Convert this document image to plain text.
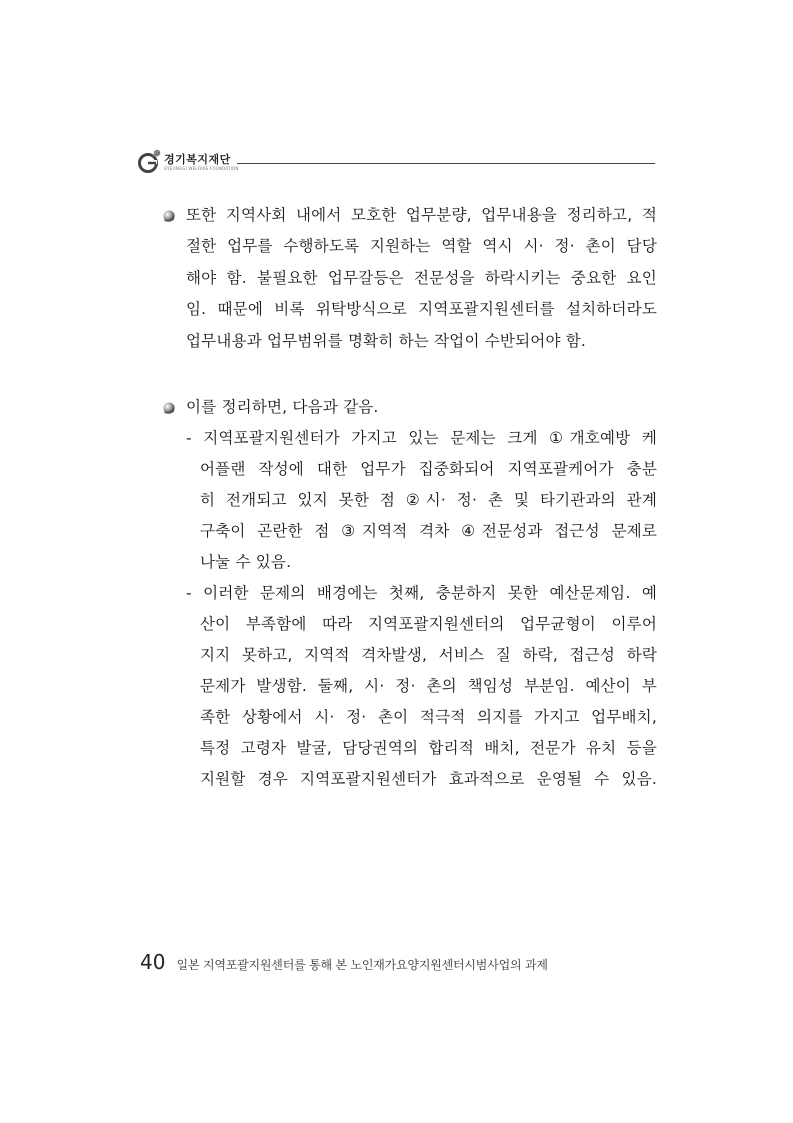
경기복지재단
GYEONGGI WELFARE FOUNDATION
또한 지역사회 내에서 모호한 업무분량, 업무내용을 정리하고, 적
절한 업무를 수행하도록 지원하는 역할 역시 시· 정· 촌이 담당
해야 함. 불필요한 업무갈등은 전문성을 하락시키는 중요한 요인
임. 때문에 비록 위탁방식으로 지역포괄지원센터를 설치하더라도
업무내용과 업무범위를 명확히 하는 작업이 수반되어야 함.
이를 정리하면, 다음과 같음.
- 지역포괄지원센터가 가지고 있는 문제는 크게 ①개호예방 케
어플랜 작성에 대한 업무가 집중화되어 지역포괄케어가 충분
히 전개되고 있지 못한 점 ②시· 정· 촌 및 타기관과의 관계
구축이 곤란한 점 ③지역적 격차 ④전문성과 접근성 문제로
나눌 수 있음.
- 이러한 문제의 배경에는 첫째, 충분하지 못한 예산문제임. 예
산이 부족함에 따라 지역포괄지원센터의 업무균형이 이루어
지지 못하고, 지역적 격차발생, 서비스 질 하락, 접근성 하락
문제가 발생함. 둘째, 시· 정· 촌의 책임성 부분임. 예산이 부
족한 상황에서 시· 정· 촌이 적극적 의지를 가지고 업무배치,
특정 고령자 발굴, 담당권역의 합리적 배치, 전문가 유치 등을
지원할 경우 지역포괄지원센터가 효과적으로 운영될 수 있음.
40 일본 지역포괄지원센터를 통해 본 노인재가요양지원센터시범사업의 과제
